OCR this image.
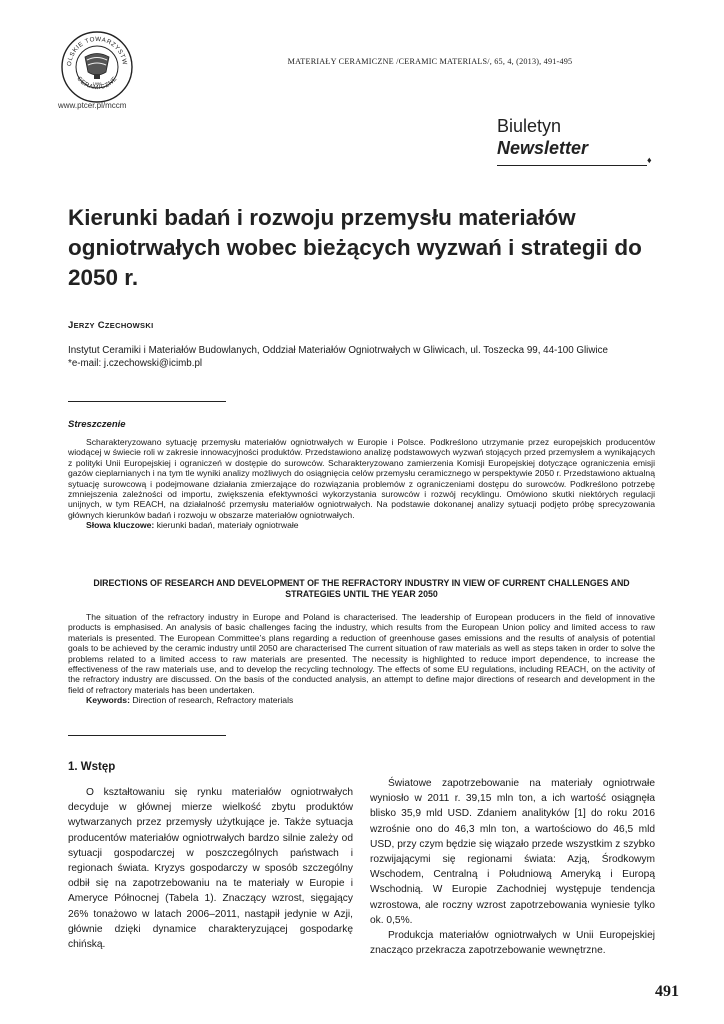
OLSKIE TOWARZYSTW
CERAMICZNE
1996
www.ptcer.pl/mccm
MATERIAŁY CERAMICZNE /CERAMIC MATERIALS/, 65, 4, (2013), 491-495
Biuletyn
Newsletter
♦
Kierunki badań i rozwoju przemysłu materiałów ogniotrwałych wobec bieżących wyzwań i strategii do 2050 r.
JERZY CZECHOWSKI
Instytut Ceramiki i Materiałów Budowlanych, Oddział Materiałów Ogniotrwałych w Gliwicach, ul. Toszecka 99, 44-100 Gliwice
*e-mail: j.czechowski@icimb.pl
Streszczenie

Scharakteryzowano sytuację przemysłu materiałów ogniotrwałych w Europie i Polsce. Podkreślono utrzymanie przez europejskich producentów wiodącej w świecie roli w zakresie innowacyjności produktów. Przedstawiono analizę podstawowych wyzwań stojących przed przemysłem a wynikających z polityki Unii Europejskiej i ograniczeń w dostępie do surowców. Scharakteryzowano zamierzenia Komisji Europejskiej dotyczące ograniczenia emisji gazów cieplarnianych i na tym tle wyniki analizy możliwych do osiągnięcia celów przemysłu ceramicznego w perspektywie 2050 r. Przedstawiono aktualną sytuację surowcową i podejmowane działania zmierzające do rozwiązania problemów z ograniczeniami dostępu do surowców. Podkreślono potrzebę zmniejszenia zależności od importu, zwiększenia efektywności wykorzystania surowców i rozwój recyklingu. Omówiono skutki niektórych regulacji unijnych, w tym REACH, na działalność przemysłu materiałów ogniotrwałych. Na podstawie dokonanej analizy sytuacji podjęto próbę sprecyzowania głównych kierunków badań i rozwoju w obszarze materiałów ogniotrwałych.

Słowa kluczowe: kierunki badań, materiały ogniotrwałe
DIRECTIONS OF RESEARCH AND DEVELOPMENT OF THE REFRACTORY INDUSTRY IN VIEW OF CURRENT CHALLENGES AND STRATEGIES UNTIL THE YEAR 2050

The situation of the refractory industry in Europe and Poland is characterised. The leadership of European producers in the field of innovative products is emphasised. An analysis of basic challenges facing the industry, which results from the European Union policy and limited access to raw materials is presented. The European Committee’s plans regarding a reduction of greenhouse gases emissions and the results of analysis of potential goals to be achieved by the ceramic industry until 2050 are characterised The current situation of raw materials as well as steps taken in order to solve the problems related to a limited access to raw materials are presented. The necessity is highlighted to reduce import dependence, to increase the effectiveness of the raw materials use, and to develop the recycling technology. The effects of some EU regulations, including REACH, on the activity of the refractory industry are discussed. On the basis of the conducted analysis, an attempt to define major directions of research and development in the field of refractory materials has been undertaken.

Keywords: Direction of research, Refractory materials
1. Wstęp

O kształtowaniu się rynku materiałów ogniotrwałych decyduje w głównej mierze wielkość zbytu produktów wytwarzanych przez przemysły użytkujące je. Także sytuacja producentów materiałów ogniotrwałych bardzo silnie zależy od sytuacji gospodarczej w poszczególnych państwach i regionach świata. Kryzys gospodarczy w sposób szczególny odbił się na zapotrzebowaniu na te materiały w Europie i Ameryce Północnej (Tabela 1). Znaczący wzrost, sięgający 26% tonażowo w latach 2006–2011, nastąpił jedynie w Azji, głównie dzięki dynamice charakteryzującej gospodarkę chińską.

Światowe zapotrzebowanie na materiały ogniotrwałe wyniosło w 2011 r. 39,15 mln ton, a ich wartość osiągnęła blisko 35,9 mld USD. Zdaniem analityków [1] do roku 2016 wzrośnie ono do 46,3 mln ton, a wartościowo do 46,5 mld USD, przy czym będzie się wiązało przede wszystkim z szybko rozwijającymi się regionami świata: Azją, Środkowym Wschodem, Centralną i Południową Ameryką i Europą Wschodnią. W Europie Zachodniej występuje tendencja wzrostowa, ale roczny wzrost zapotrzebowania wyniesie tylko ok. 0,5%.

Produkcja materiałów ogniotrwałych w Unii Europejskiej znacząco przekracza zapotrzebowanie wewnętrzne.

491
